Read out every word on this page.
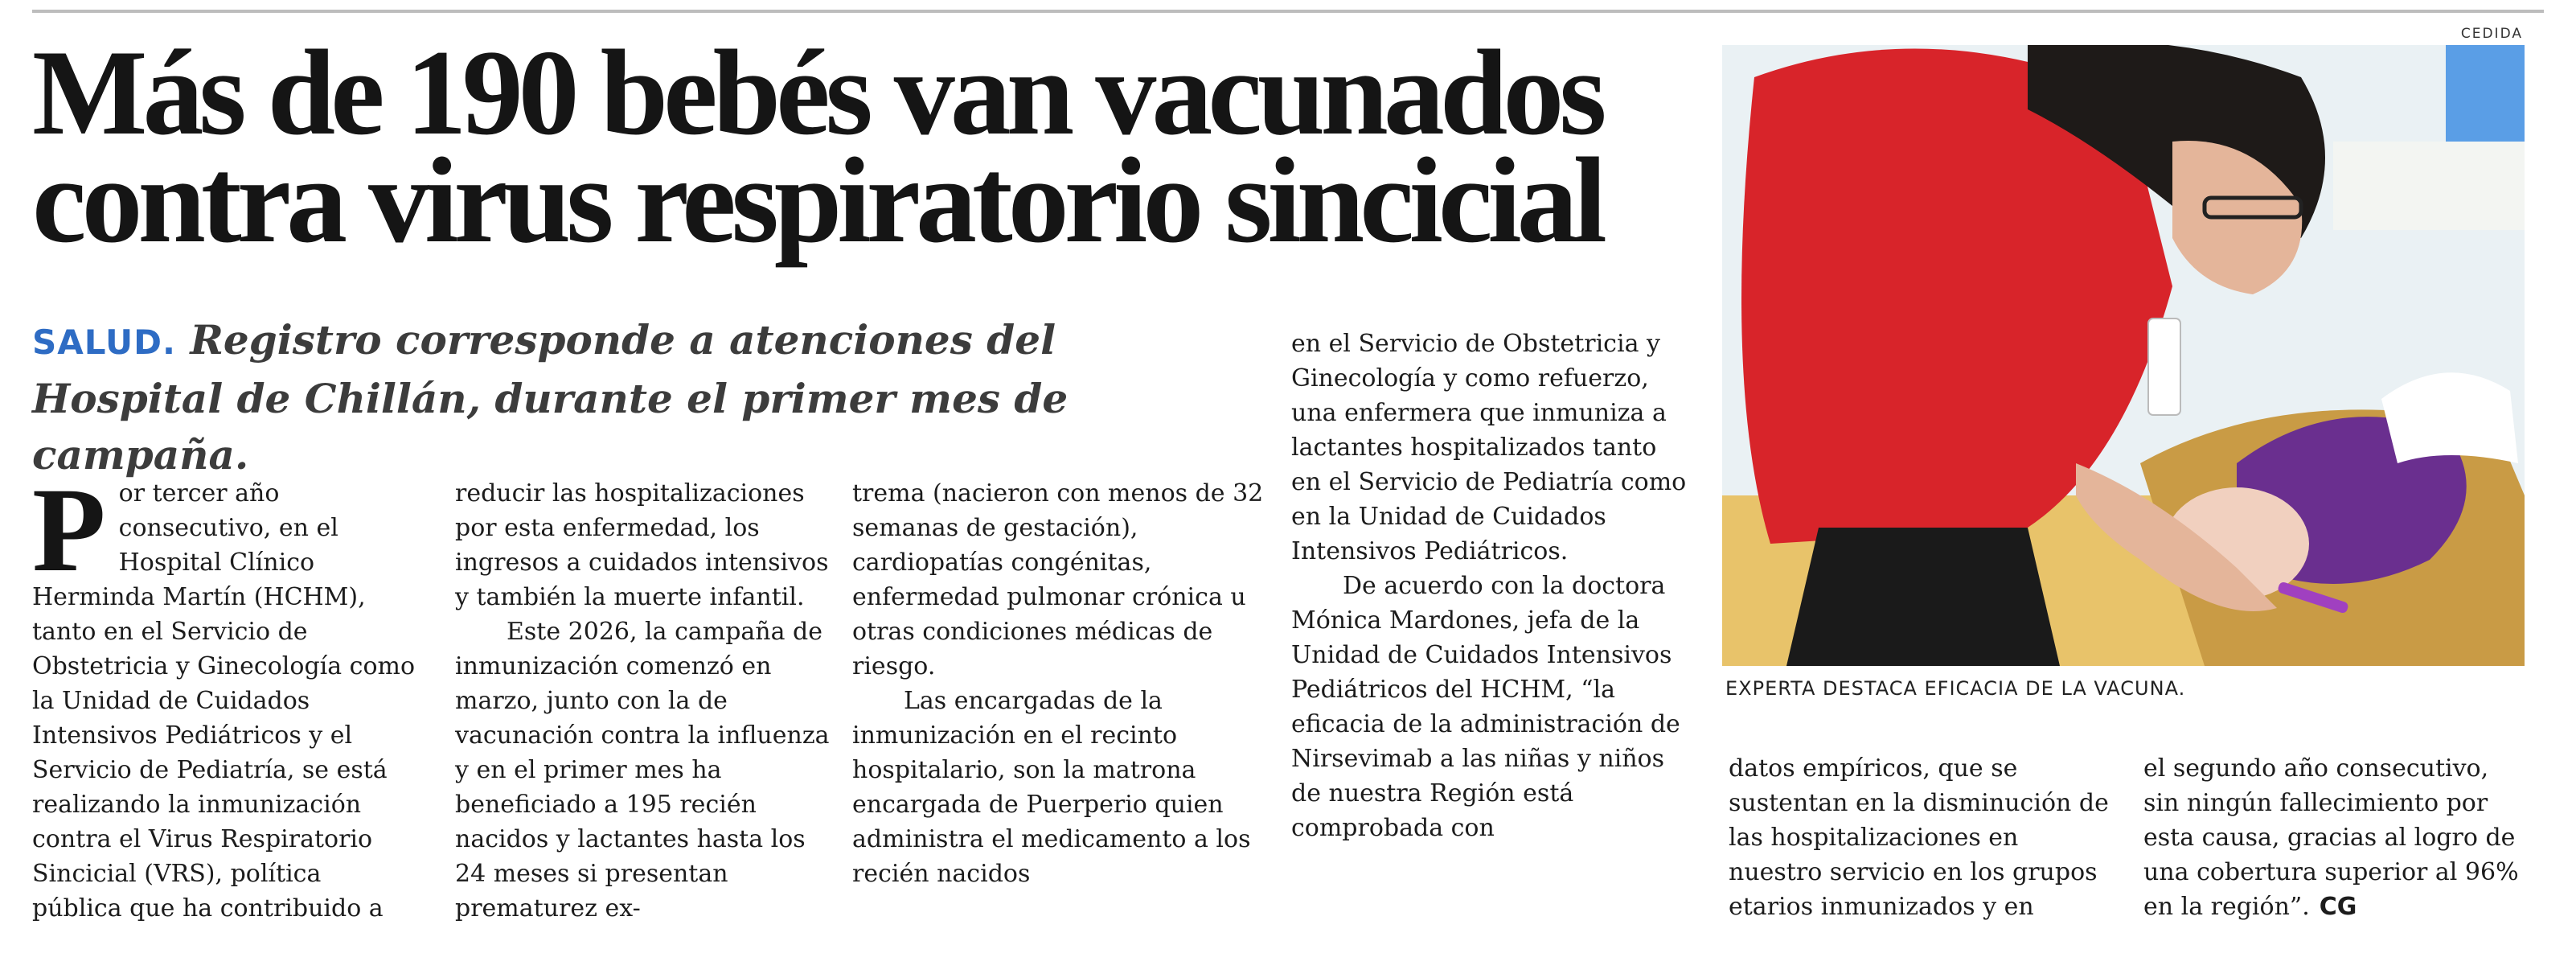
CEDIDA
Más de 190 bebés van vacunados
contra virus respiratorio sincicial

SALUD. Registro corresponde a atenciones del Hospital de Chillán, durante el primer mes de campaña.

Por tercer año consecutivo, en el Hospital Clínico Herminda Martín (HCHM), tanto en el Servicio de Obstetricia y Ginecología como la Unidad de Cuidados Intensivos Pediátricos y el Servicio de Pediatría, se está realizando la inmunización contra el Virus Respiratorio Sincicial (VRS), política pública que ha contribuido a

reducir las hospitalizaciones por esta enfermedad, los ingresos a cuidados intensivos y también la muerte infantil.

Este 2026, la campaña de inmunización comenzó en marzo, junto con la de vacunación contra la influenza y en el primer mes ha beneficiado a 195 recién nacidos y lactantes hasta los 24 meses si presentan prematurez ex-

trema (nacieron con menos de 32 semanas de gestación), cardiopatías congénitas, enfermedad pulmonar crónica u otras condiciones médicas de riesgo.

Las encargadas de la inmunización en el recinto hospitalario, son la matrona encargada de Puerperio quien administra el medicamento a los recién nacidos

en el Servicio de Obstetricia y Ginecología y como refuerzo, una enfermera que inmuniza a lactantes hospitalizados tanto en el Servicio de Pediatría como en la Unidad de Cuidados Intensivos Pediátricos.

De acuerdo con la doctora Mónica Mardones, jefa de la Unidad de Cuidados Intensivos Pediátricos del HCHM, “la eficacia de la administración de Nirsevimab a las niñas y niños de nuestra Región está comprobada con

EXPERTA DESTACA EFICACIA DE LA VACUNA.

datos empíricos, que se sustentan en la disminución de las hospitalizaciones en nuestro servicio en los grupos etarios inmunizados y en

el segundo año consecutivo, sin ningún fallecimiento por esta causa, gracias al logro de una cobertura superior al 96% en la región”. CG
